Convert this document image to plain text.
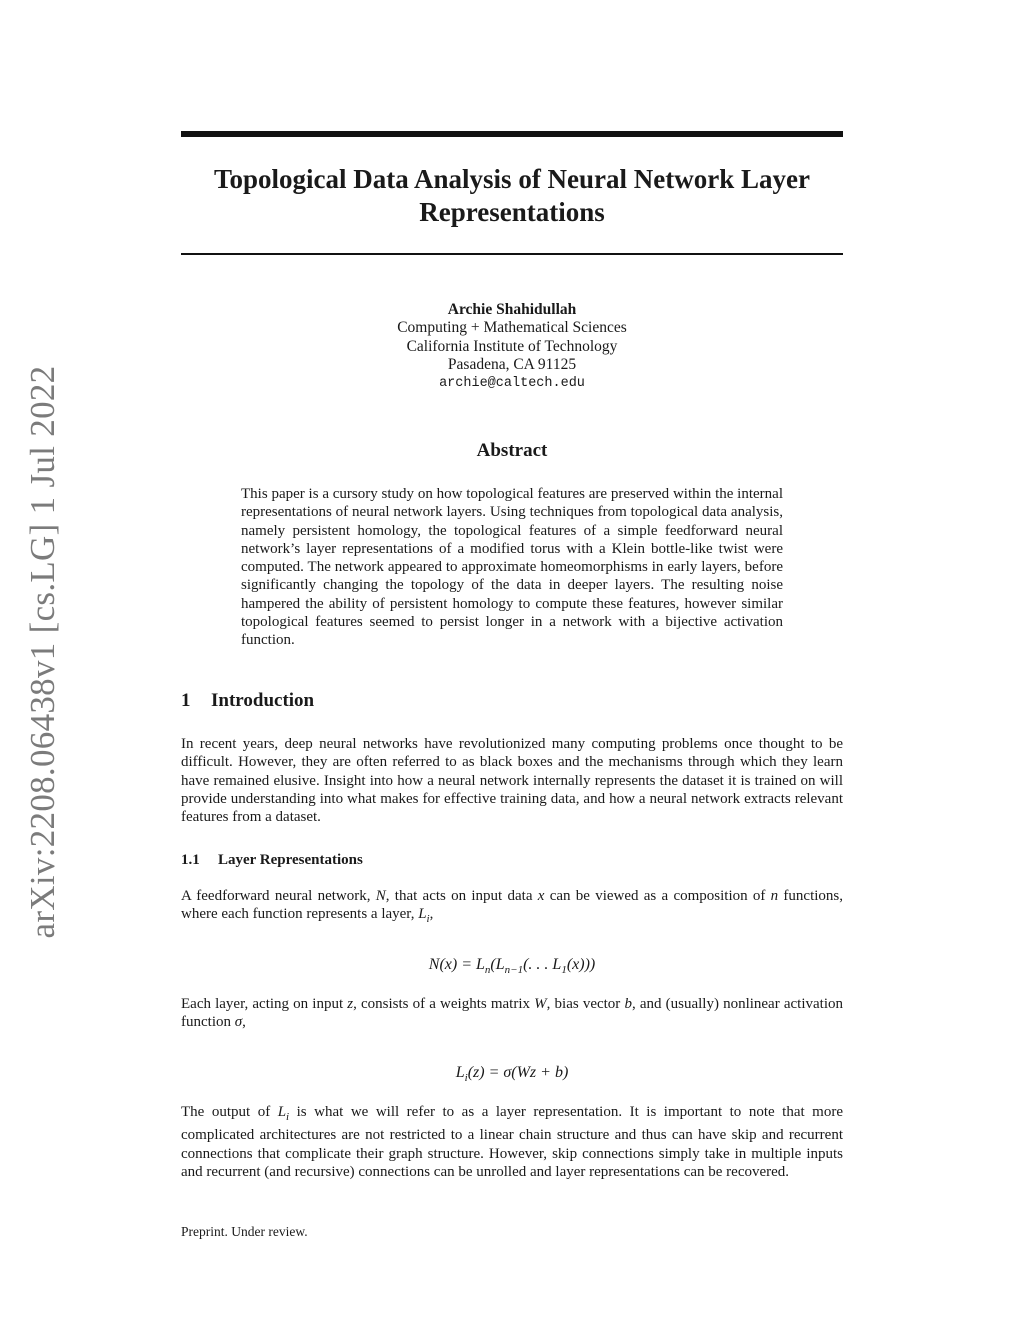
arXiv:2208.06438v1 [cs.LG] 1 Jul 2022
Topological Data Analysis of Neural Network Layer Representations
Archie Shahidullah
Computing + Mathematical Sciences
California Institute of Technology
Pasadena, CA 91125
archie@caltech.edu
Abstract
This paper is a cursory study on how topological features are preserved within the internal representations of neural network layers. Using techniques from topological data analysis, namely persistent homology, the topological features of a simple feedforward neural network’s layer representations of a modified torus with a Klein bottle-like twist were computed. The network appeared to approximate homeomorphisms in early layers, before significantly changing the topology of the data in deeper layers. The resulting noise hampered the ability of persistent homology to compute these features, however similar topological features seemed to persist longer in a network with a bijective activation function.
1 Introduction
In recent years, deep neural networks have revolutionized many computing problems once thought to be difficult. However, they are often referred to as black boxes and the mechanisms through which they learn have remained elusive. Insight into how a neural network internally represents the dataset it is trained on will provide understanding into what makes for effective training data, and how a neural network extracts relevant features from a dataset.
1.1 Layer Representations
A feedforward neural network, N, that acts on input data x can be viewed as a composition of n functions, where each function represents a layer, $L_i$,
$N(x) = L_n(L_{n-1}$(. . . $L_1(x)$))
Each layer, acting on input z, consists of a weights matrix W, bias vector b, and (usually) nonlinear activation function σ,
$L_i(z) = \sigma(Wz + b)$
The output of $L_i$ is what we will refer to as a layer representation. It is important to note that more complicated architectures are not restricted to a linear chain structure and thus can have skip and recurrent connections that complicate their graph structure. However, skip connections simply take in multiple inputs and recurrent (and recursive) connections can be unrolled and layer representations can be recovered.
Preprint. Under review.
